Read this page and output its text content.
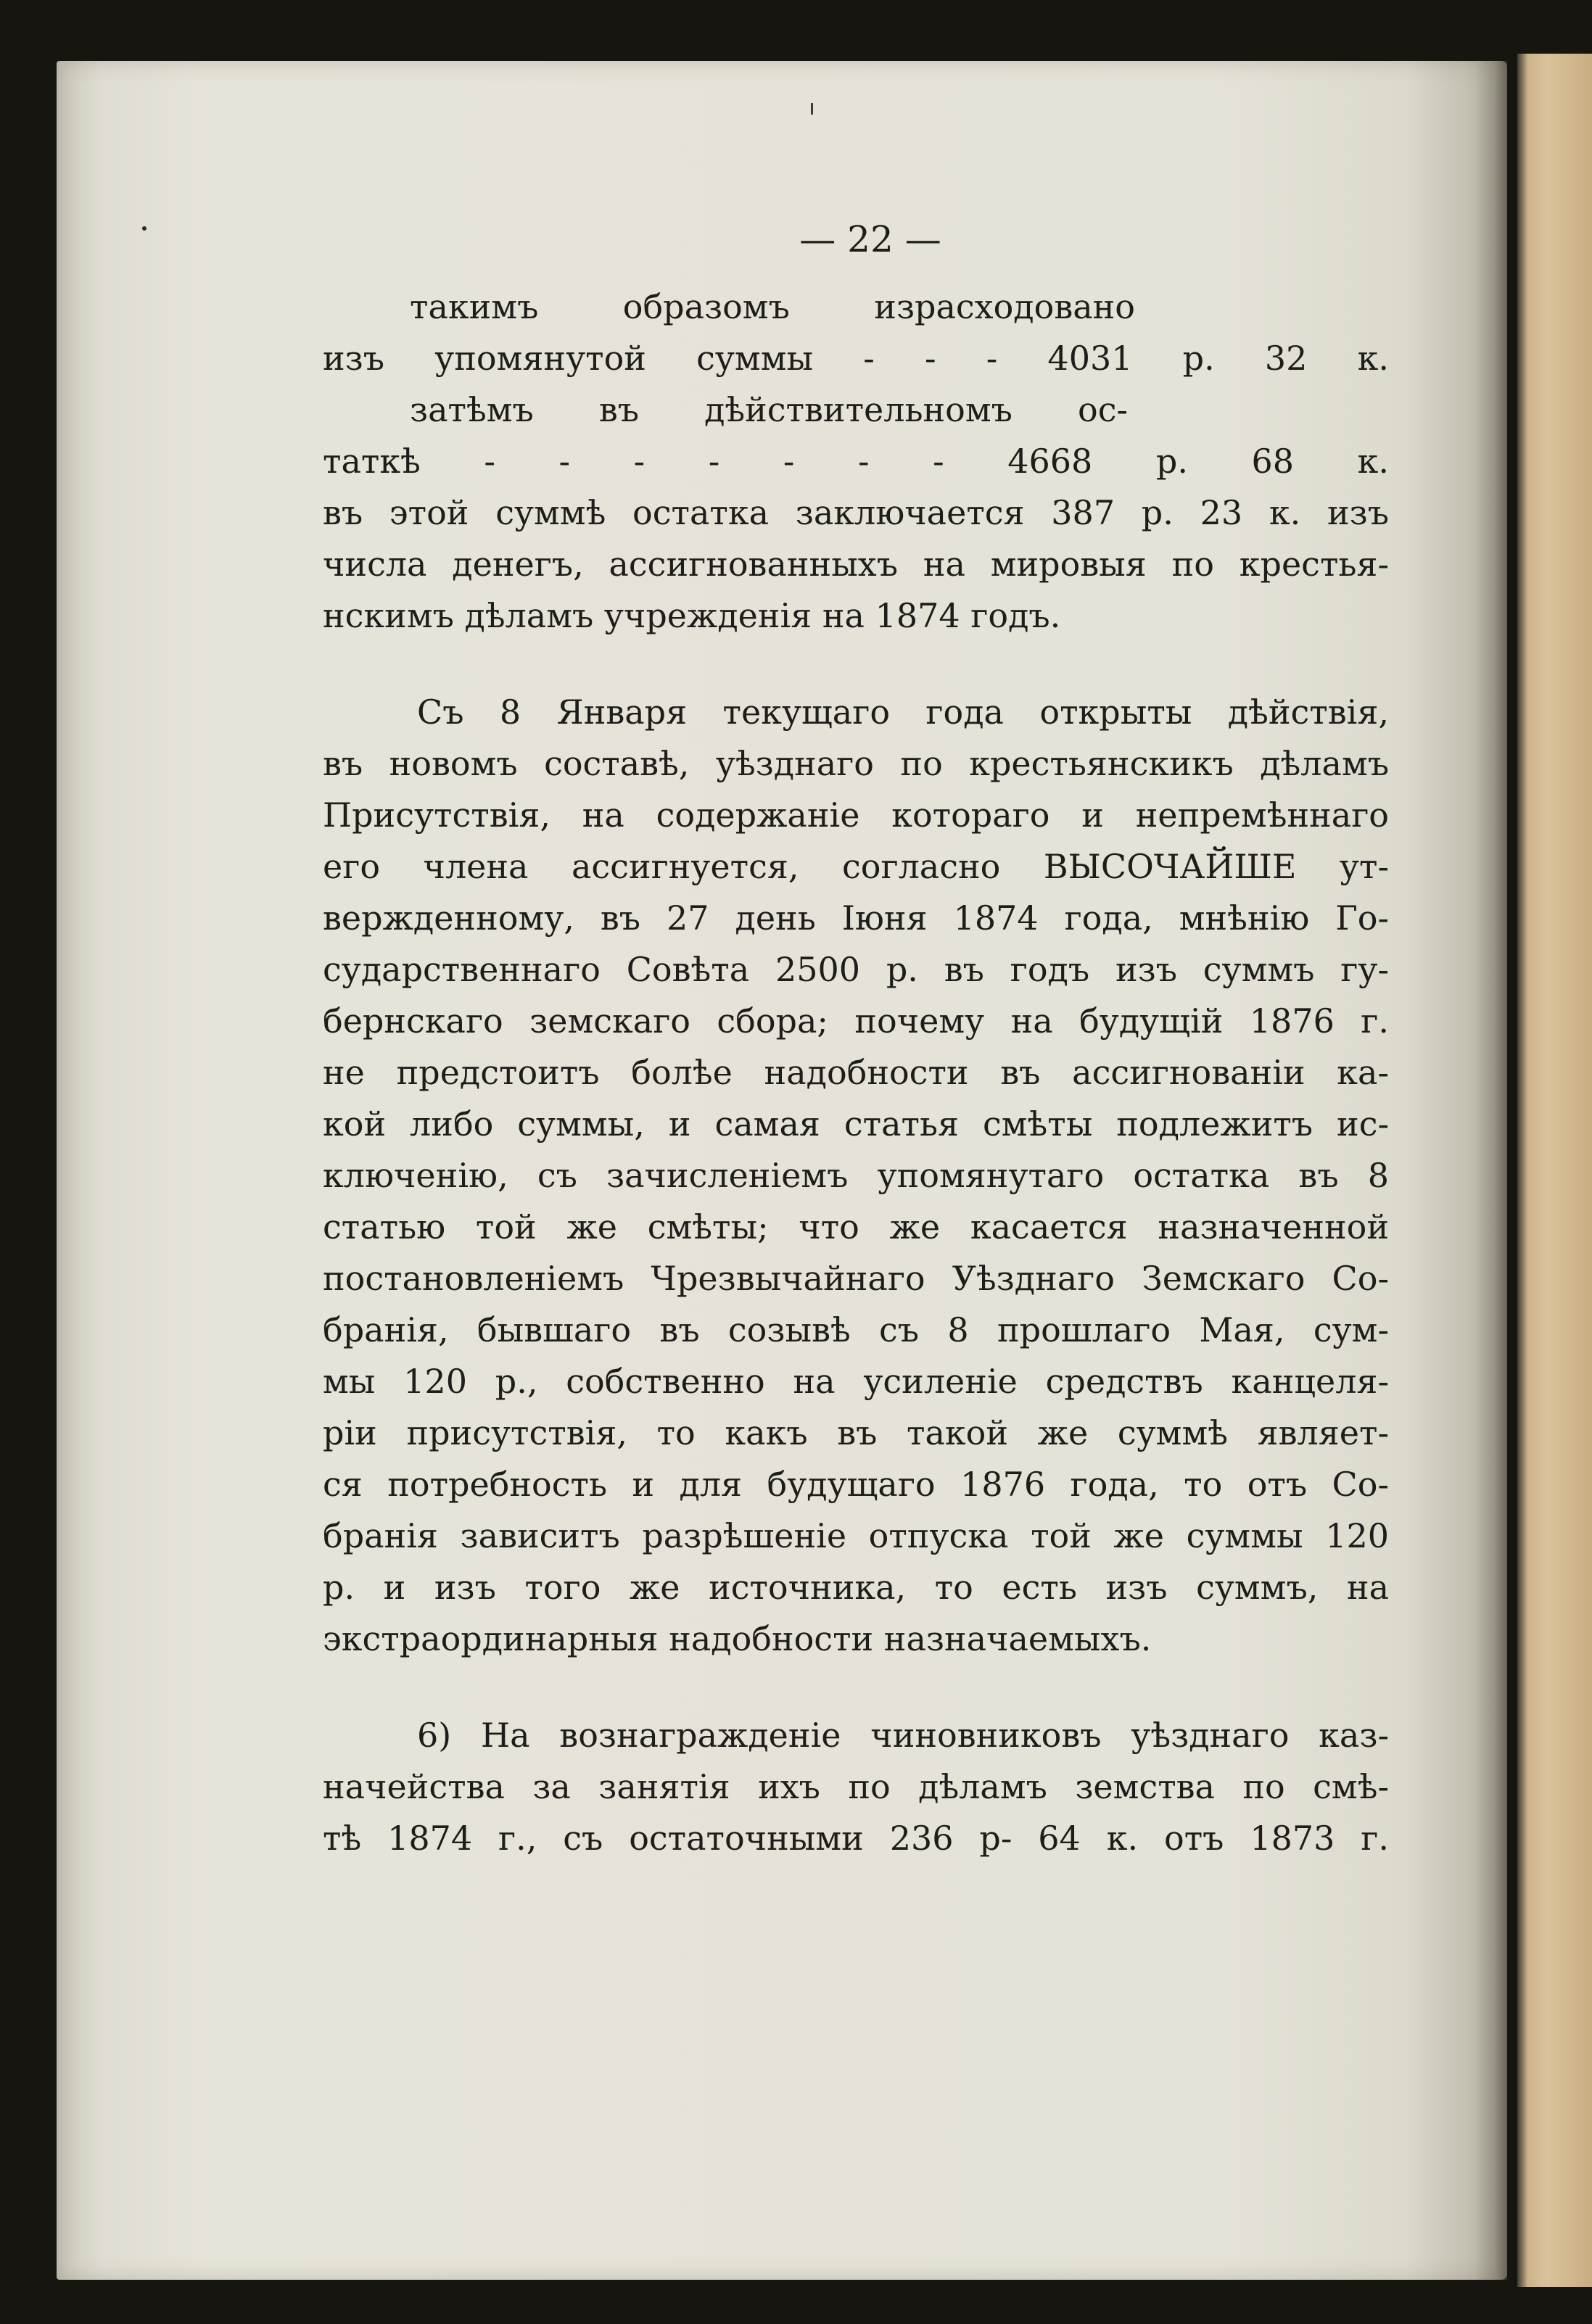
— 22 —
такимъ образомъ израсходовано
изъ упомянутой суммы - - - 4031 р. 32 к.
затѣмъ въ дѣйствительномъ ос-
таткѣ - - - - - - - 4668 р. 68 к.
въ этой суммѣ остатка заключается 387 р. 23 к. изъ
числа денегъ, ассигнованныхъ на мировыя по крестья-
нскимъ дѣламъ учрежденія на 1874 годъ.
Съ 8 Января текущаго года открыты дѣйствія,
въ новомъ составѣ, уѣзднаго по крестьянскикъ дѣламъ
Присутствія, на содержаніе котораго и непремѣннаго
его члена ассигнуется, согласно ВЫСОЧАЙШЕ ут-
вержденному, въ 27 день Іюня 1874 года, мнѣнію Го-
сударственнаго Совѣта 2500 р. въ годъ изъ суммъ гу-
бернскаго земскаго сбора; почему на будущій 1876 г.
не предстоитъ болѣе надобности въ ассигнованіи ка-
кой либо суммы, и самая статья смѣты подлежитъ ис-
ключенію, съ зачисленіемъ упомянутаго остатка въ 8
статью той же смѣты; что же касается назначенной
постановленіемъ Чрезвычайнаго Уѣзднаго Земскаго Со-
бранія, бывшаго въ созывѣ съ 8 прошлаго Мая, сум-
мы 120 р., собственно на усиленіе средствъ канцеля-
ріи присутствія, то какъ въ такой же суммѣ являет-
ся потребность и для будущаго 1876 года, то отъ Со-
бранія зависитъ разрѣшеніе отпуска той же суммы 120
р. и изъ того же источника, то есть изъ суммъ, на
экстраординарныя надобности назначаемыхъ.
6) На вознагражденіе чиновниковъ уѣзднаго каз-
начейства за занятія ихъ по дѣламъ земства по смѣ-
тѣ 1874 г., съ остаточными 236 р- 64 к. отъ 1873 г.
